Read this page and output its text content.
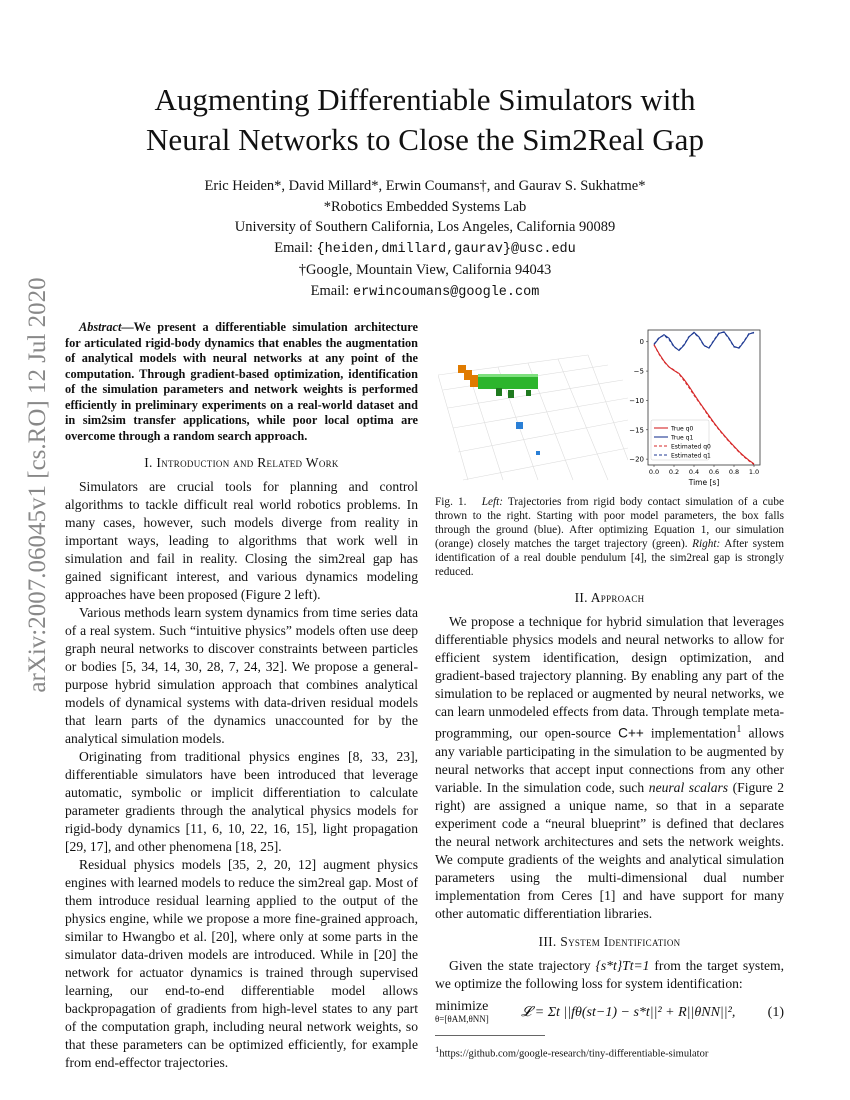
Augmenting Differentiable Simulators with
Neural Networks to Close the Sim2Real Gap
Eric Heiden*, David Millard*, Erwin Coumans†, and Gaurav S. Sukhatme*
*Robotics Embedded Systems Lab
University of Southern California, Los Angeles, California 90089
Email: {heiden,dmillard,gaurav}@usc.edu
†Google, Mountain View, California 94043
Email: erwincoumans@google.com
arXiv:2007.06045v1 [cs.RO] 12 Jul 2020	Abstract—We present a differentiable simulation architecture for articulated rigid-body dynamics that enables the augmentation of analytical models with neural networks at any point of the computation. Through gradient-based optimization, identification of the simulation parameters and network weights is performed efficiently in preliminary experiments on a real-world dataset and in sim2sim transfer applications, while poor local optima are overcome through a random search approach.

I. Introduction and Related Work

Simulators are crucial tools for planning and control algorithms to tackle difficult real world robotics problems. In many cases, however, such models diverge from reality in important ways, leading to algorithms that work well in simulation and fail in reality. Closing the sim2real gap has gained significant interest, and various dynamics modeling approaches have been proposed (Figure 2 left).

Various methods learn system dynamics from time series data of a real system. Such “intuitive physics” models often use deep graph neural networks to discover constraints between particles or bodies [5, 34, 14, 30, 28, 7, 24, 32]. We propose a general-purpose hybrid simulation approach that combines analytical models of dynamical systems with data-driven residual models that learn parts of the dynamics unaccounted for by the analytical simulation models.

Originating from traditional physics engines [8, 33, 23], differentiable simulators have been introduced that leverage automatic, symbolic or implicit differentiation to calculate parameter gradients through the analytical physics models for rigid-body dynamics [11, 6, 10, 22, 16, 15], light propagation [29, 17], and other phenomena [18, 25].

Residual physics models [35, 2, 20, 12] augment physics engines with learned models to reduce the sim2real gap. Most of them introduce residual learning applied to the output of the physics engine, while we propose a more fine-grained approach, similar to Hwangbo et al. [20], where only at some parts in the simulator data-driven models are introduced. While in [20] the network for actuator dynamics is trained through supervised learning, our end-to-end differentiable model allows backpropagation of gradients from high-level states to any part of the computation graph, including neural network weights, so that these parameters can be optimized efficiently, for example from end-effector trajectories.

0
−5
−10
−15
−20
0.0 0.2 0.4 0.6 0.8 1.0
True q0
True q1
Estimated q0
Estimated q1
Time [s]

Fig. 1. Left: Trajectories from rigid body contact simulation of a cube thrown to the right. Starting with poor model parameters, the box falls through the ground (blue). After optimizing Equation 1, our simulation (orange) closely matches the target trajectory (green). Right: After system identification of a real double pendulum [4], the sim2real gap is strongly reduced.

II. Approach

We propose a technique for hybrid simulation that leverages differentiable physics models and neural networks to allow for efficient system identification, design optimization, and gradient-based trajectory planning. By enabling any part of the simulation to be replaced or augmented by neural networks, we can learn unmodeled effects from data. Through template meta-programming, our open-source C++ implementation$^1$ allows any variable participating in the simulation to be augmented by neural networks that accept input connections from any other variable. In the simulation code, such neural scalars (Figure 2 right) are assigned a unique name, so that in a separate experiment code a “neural blueprint” is defined that declares the neural network architectures and sets the network weights. We compute gradients of the weights and analytical simulation parameters using the multi-dimensional dual number implementation from Ceres [1] and have support for many other automatic differentiation libraries.

III. System Identification

Given the state trajectory {s*t}Tt=1 from the target system, we optimize the following loss for system identification:

minimize
θ=[θAM,θNN] 𝓛 = Σt ||fθ(st−1) − s*t||² + R||θNN||², (1)
$^1$https://github.com/google-research/tiny-differentiable-simulator
